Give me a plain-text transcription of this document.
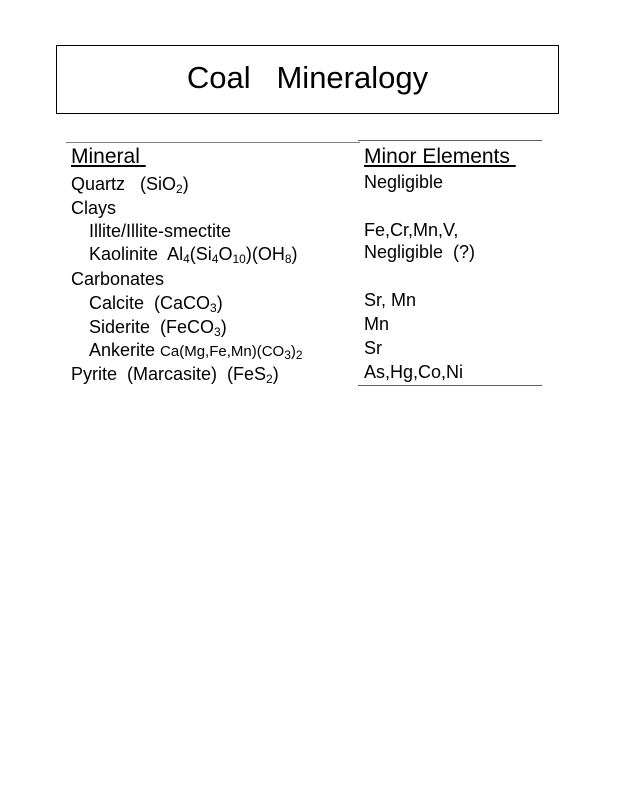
Coal   Mineralogy
Mineral	Minor Elements
Quartz   (SiO$_2$)
Clays
Illite/Illite-smectite
Kaolinite  $Al_4(Si_4O_{10})(OH_8)$
Carbonates
Calcite  (CaCO$_3$)
Siderite  (FeCO$_3$)
Ankerite $Ca(Mg,Fe,Mn)(CO_3)_2$
Pyrite  (Marcasite)  (FeS$_2$)
Negligible
Fe,Cr,Mn,V,
Negligible  (?)
Sr, Mn
Mn
Sr
As,Hg,Co,Ni
